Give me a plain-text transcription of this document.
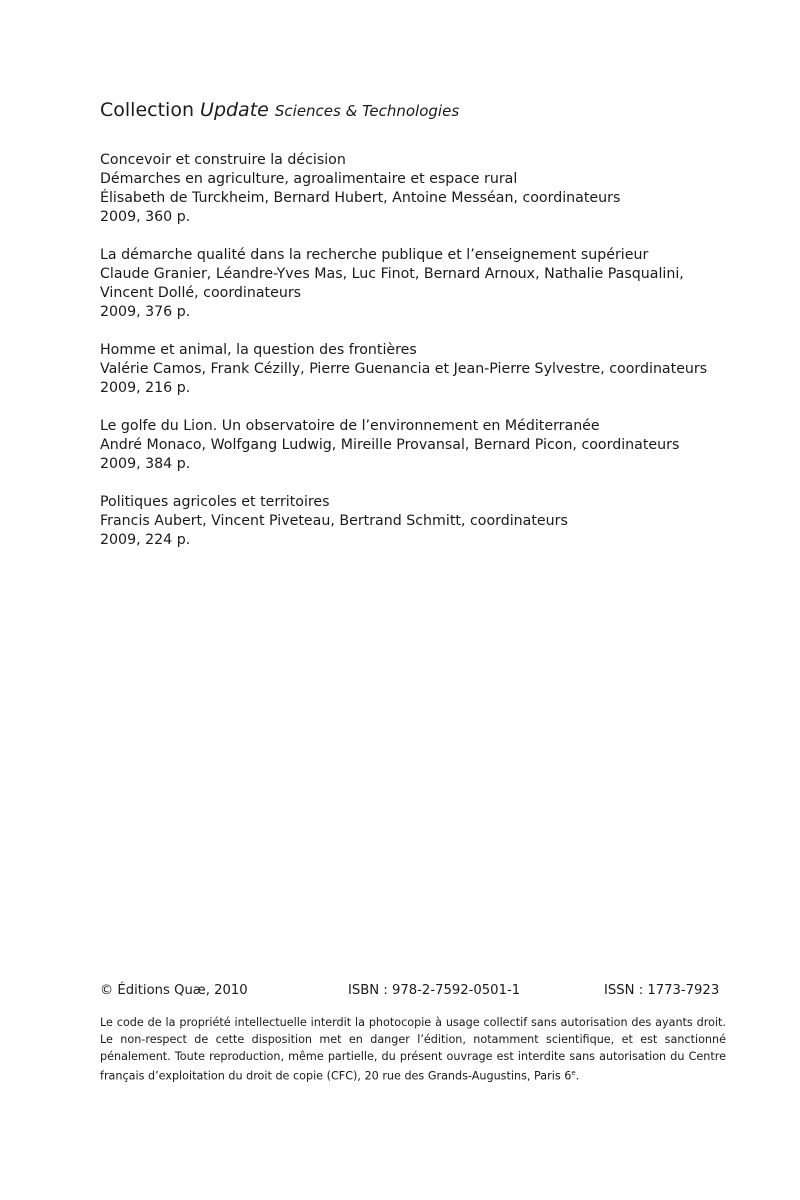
Collection Update Sciences & Technologies
Concevoir et construire la décision
Démarches en agriculture, agroalimentaire et espace rural
Élisabeth de Turckheim, Bernard Hubert, Antoine Messéan, coordinateurs
2009, 360 p.
La démarche qualité dans la recherche publique et l’enseignement supérieur
Claude Granier, Léandre-Yves Mas, Luc Finot, Bernard Arnoux, Nathalie Pasqualini,
Vincent Dollé, coordinateurs
2009, 376 p.
Homme et animal, la question des frontières
Valérie Camos, Frank Cézilly, Pierre Guenancia et Jean-Pierre Sylvestre, coordinateurs
2009, 216 p.
Le golfe du Lion. Un observatoire de l’environnement en Méditerranée
André Monaco, Wolfgang Ludwig, Mireille Provansal, Bernard Picon, coordinateurs
2009, 384 p.
Politiques agricoles et territoires
Francis Aubert, Vincent Piveteau, Bertrand Schmitt, coordinateurs
2009, 224 p.
© Éditions Quæ, 2010	ISBN : 978-2-7592-0501-1	ISSN : 1773-7923
Le code de la propriété intellectuelle interdit la photocopie à usage collectif sans autorisation des ayants droit. Le non-respect de cette disposition met en danger l’édition, notamment scientifique, et est sanctionné pénalement. Toute reproduction, même partielle, du présent ouvrage est interdite sans autorisation du Centre français d’exploitation du droit de copie (CFC), 20 rue des Grands-Augustins, Paris 6e.
